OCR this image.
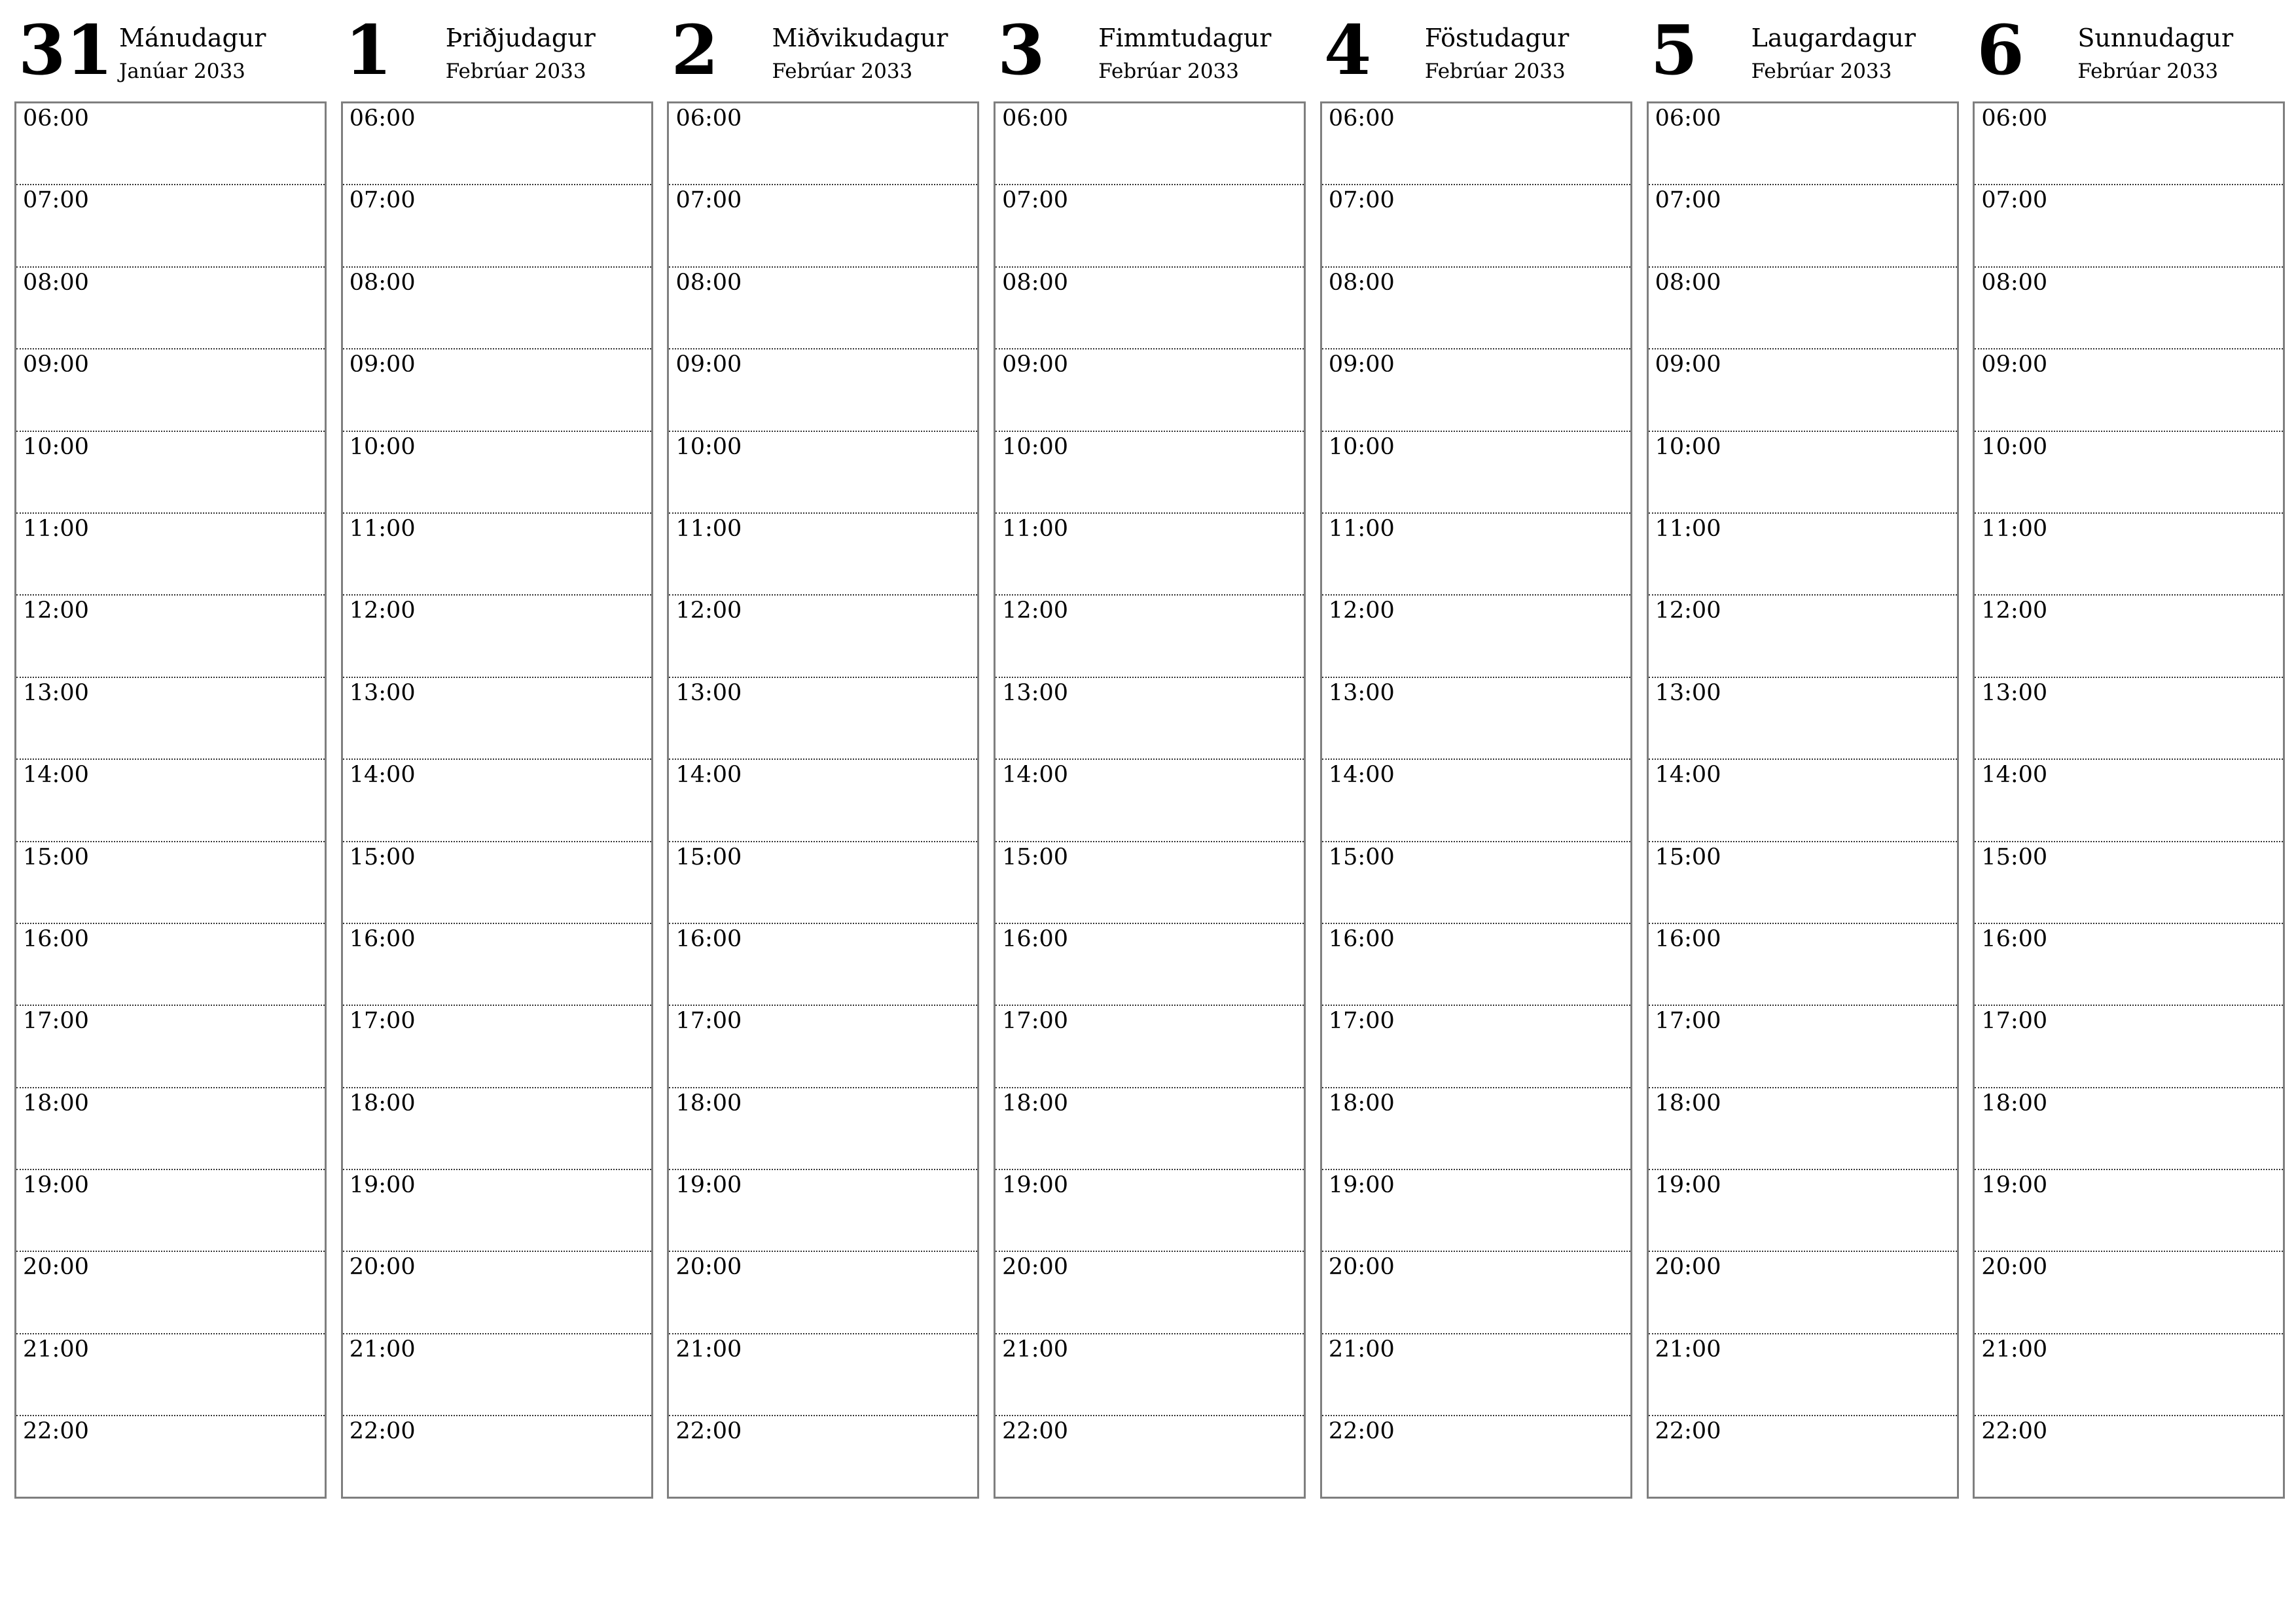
31 Mánudagur
Janúar 2033
06:00
07:00
08:00
09:00
10:00
11:00
12:00
13:00
14:00
15:00
16:00
17:00
18:00
19:00
20:00
21:00
22:00
1 Þriðjudagur
Febrúar 2033
06:00
07:00
08:00
09:00
10:00
11:00
12:00
13:00
14:00
15:00
16:00
17:00
18:00
19:00
20:00
21:00
22:00
2 Miðvikudagur
Febrúar 2033
06:00
07:00
08:00
09:00
10:00
11:00
12:00
13:00
14:00
15:00
16:00
17:00
18:00
19:00
20:00
21:00
22:00
3 Fimmtudagur
Febrúar 2033
06:00
07:00
08:00
09:00
10:00
11:00
12:00
13:00
14:00
15:00
16:00
17:00
18:00
19:00
20:00
21:00
22:00
4 Föstudagur
Febrúar 2033
06:00
07:00
08:00
09:00
10:00
11:00
12:00
13:00
14:00
15:00
16:00
17:00
18:00
19:00
20:00
21:00
22:00
5 Laugardagur
Febrúar 2033
06:00
07:00
08:00
09:00
10:00
11:00
12:00
13:00
14:00
15:00
16:00
17:00
18:00
19:00
20:00
21:00
22:00
6 Sunnudagur
Febrúar 2033
06:00
07:00
08:00
09:00
10:00
11:00
12:00
13:00
14:00
15:00
16:00
17:00
18:00
19:00
20:00
21:00
22:00
